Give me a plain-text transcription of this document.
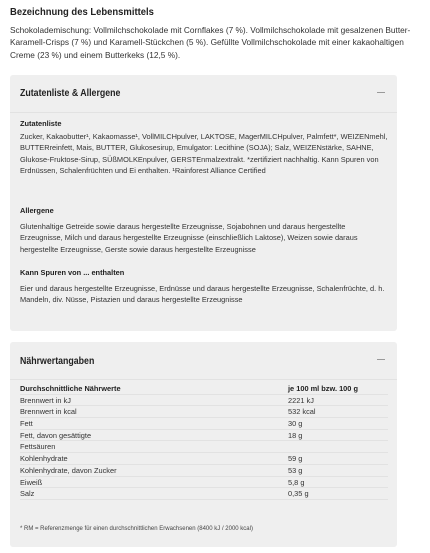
Bezeichnung des Lebensmittels
Schokolademischung: Vollmilchschokolade mit Cornflakes (7 %). Vollmilchschokolade mit gesalzenen Butter-Karamell-Crisps (7 %) und Karamell-Stückchen (5 %). Gefüllte Vollmilchschokolade mit einer kakaohaltigen Creme (23 %) und einem Butterkeks (12,5 %).
Zutatenliste & Allergene
Zutatenliste
Zucker, Kakaobutter¹, Kakaomasse¹, VollMILCHpulver, LAKTOSE, MagerMILCHpulver, Palmfett*, WEIZENmehl, BUTTERreinfett, Mais, BUTTER, Glukosesirup, Emulgator: Lecithine (SOJA); Salz, WEIZENstärke, SAHNE, Glukose-Fruktose-Sirup, SÜßMOLKEnpulver, GERSTEnmalzextrakt. *zertifiziert nachhaltig. Kann Spuren von Erdnüssen, Schalenfrüchten und Ei enthalten. ¹Rainforest Alliance Certified
Allergene
Glutenhaltige Getreide sowie daraus hergestellte Erzeugnisse, Sojabohnen und daraus hergestellte Erzeugnisse, Milch und daraus hergestellte Erzeugnisse (einschließlich Laktose), Weizen sowie daraus hergestellte Erzeugnisse, Gerste sowie daraus hergestellte Erzeugnisse
Kann Spuren von ... enthalten
Eier und daraus hergestellte Erzeugnisse, Erdnüsse und daraus hergestellte Erzeugnisse, Schalenfrüchte, d. h. Mandeln, div. Nüsse, Pistazien und daraus hergestellte Erzeugnisse
Nährwertangaben
Durchschnittliche Nährwerte	je 100 ml bzw. 100 g
Brennwert in kJ	2221 kJ
Brennwert in kcal	532 kcal
Fett	30 g
Fett, davon gesättigte	18 g
Fettsäuren
Kohlenhydrate	59 g
Kohlenhydrate, davon Zucker	53 g
Eiweiß	5,8 g
Salz	0,35 g
* RM = Referenzmenge für einen durchschnittlichen Erwachsenen (8400 kJ / 2000 kcal)
